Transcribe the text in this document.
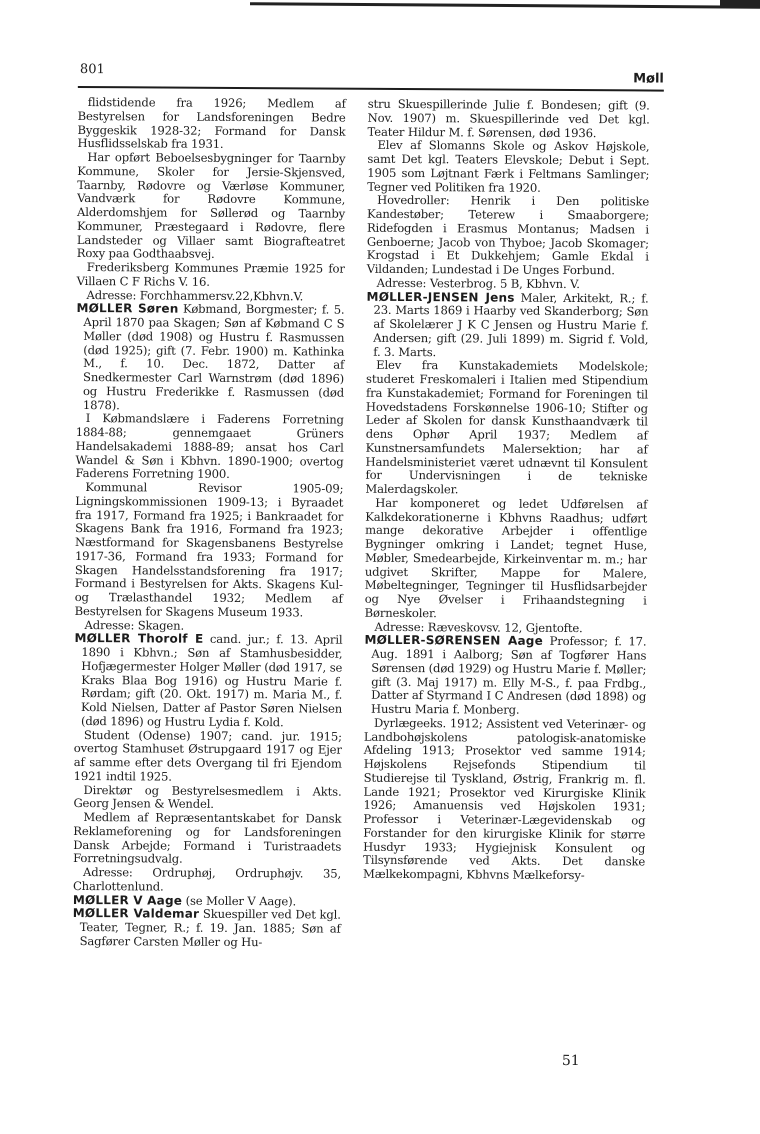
801
Møll

flidstidende fra 1926; Medlem af Bestyrelsen for Landsforeningen Bedre Byggeskik 1928-32; Formand for Dansk Husflidsselskab fra 1931.

Har opført Beboelsesbygninger for Taarnby Kommune, Skoler for Jersie-Skjensved, Taarnby, Rødovre og Værløse Kommuner, Vandværk for Rødovre Kommune, Alderdomshjem for Søllerød og Taarnby Kommuner, Præstegaard i Rødovre, flere Landsteder og Villaer samt Biografteatret Roxy paa Godthaabsvej.

Frederiksberg Kommunes Præmie 1925 for Villaen C F Richs V. 16.

Adresse: Forchhammersv.22,Kbhvn.V.

MØLLER Søren Købmand, Borgmester; f. 5. April 1870 paa Skagen; Søn af Købmand C S Møller (død 1908) og Hustru f. Rasmussen (død 1925); gift (7. Febr. 1900) m. Kathinka M., f. 10. Dec. 1872, Datter af Snedkermester Carl Warnstrøm (død 1896) og Hustru Frederikke f. Rasmussen (død 1878).

I Købmandslære i Faderens Forretning 1884-88; gennemgaaet Grüners Handelsakademi 1888-89; ansat hos Carl Wandel & Søn i Kbhvn. 1890-1900; overtog Faderens Forretning 1900.

Kommunal Revisor 1905-09; Ligningskommissionen 1909-13; i Byraadet fra 1917, Formand fra 1925; i Bankraadet for Skagens Bank fra 1916, Formand fra 1923; Næstformand for Skagensbanens Bestyrelse 1917-36, Formand fra 1933; Formand for Skagen Handelsstandsforening fra 1917; Formand i Bestyrelsen for Akts. Skagens Kul- og Trælasthandel 1932; Medlem af Bestyrelsen for Skagens Museum 1933.

Adresse: Skagen.

MØLLER Thorolf E cand. jur.; f. 13. April 1890 i Kbhvn.; Søn af Stamhusbesidder, Hofjægermester Holger Møller (død 1917, se Kraks Blaa Bog 1916) og Hustru Marie f. Rørdam; gift (20. Okt. 1917) m. Maria M., f. Kold Nielsen, Datter af Pastor Søren Nielsen (død 1896) og Hustru Lydia f. Kold.

Student (Odense) 1907; cand. jur. 1915; overtog Stamhuset Østrupgaard 1917 og Ejer af samme efter dets Overgang til fri Ejendom 1921 indtil 1925.

Direktør og Bestyrelsesmedlem i Akts. Georg Jensen & Wendel.

Medlem af Repræsentantskabet for Dansk Reklameforening og for Landsforeningen Dansk Arbejde; Formand i Turistraadets Forretningsudvalg.

Adresse: Ordruphøj, Ordruphøjv. 35, Charlottenlund.

MØLLER V Aage (se Moller V Aage).

MØLLER Valdemar Skuespiller ved Det kgl. Teater, Tegner, R.; f. 19. Jan. 1885; Søn af Sagfører Carsten Møller og Hu-

stru Skuespillerinde Julie f. Bondesen; gift (9. Nov. 1907) m. Skuespillerinde ved Det kgl. Teater Hildur M. f. Sørensen, død 1936.

Elev af Slomanns Skole og Askov Højskole, samt Det kgl. Teaters Elevskole; Debut i Sept. 1905 som Løjtnant Færk i Feltmans Samlinger; Tegner ved Politiken fra 1920.

Hovedroller: Henrik i Den politiske Kandestøber; Teterew i Smaaborgere; Ridefogden i Erasmus Montanus; Madsen i Genboerne; Jacob von Thyboe; Jacob Skomager; Krogstad i Et Dukkehjem; Gamle Ekdal i Vildanden; Lundestad i De Unges Forbund.

Adresse: Vesterbrog. 5 B, Kbhvn. V.

MØLLER-JENSEN Jens Maler, Arkitekt, R.; f. 23. Marts 1869 i Haarby ved Skanderborg; Søn af Skolelærer J K C Jensen og Hustru Marie f. Andersen; gift (29. Juli 1899) m. Sigrid f. Vold, f. 3. Marts.

Elev fra Kunstakademiets Modelskole; studeret Freskomaleri i Italien med Stipendium fra Kunstakademiet; Formand for Foreningen til Hovedstadens Forskønnelse 1906-10; Stifter og Leder af Skolen for dansk Kunsthaandværk til dens Ophør April 1937; Medlem af Kunstnersamfundets Malersektion; har af Handelsministeriet været udnævnt til Konsulent for Undervisningen i de tekniske Malerdagskoler.

Har komponeret og ledet Udførelsen af Kalkdekorationerne i Kbhvns Raadhus; udført mange dekorative Arbejder i offentlige Bygninger omkring i Landet; tegnet Huse, Møbler, Smedearbejde, Kirkeinventar m. m.; har udgivet Skrifter, Mappe for Malere, Møbeltegninger, Tegninger til Husflidsarbejder og Nye Øvelser i Frihaandstegning i Børneskoler.

Adresse: Ræveskovsv. 12, Gjentofte.

MØLLER-SØRENSEN Aage Professor; f. 17. Aug. 1891 i Aalborg; Søn af Togfører Hans Sørensen (død 1929) og Hustru Marie f. Møller; gift (3. Maj 1917) m. Elly M-S., f. paa Frdbg., Datter af Styrmand I C Andresen (død 1898) og Hustru Maria f. Monberg.

Dyrlægeeks. 1912; Assistent ved Veterinær- og Landbohøjskolens patologisk-anatomiske Afdeling 1913; Prosektor ved samme 1914; Højskolens Rejsefonds Stipendium til Studierejse til Tyskland, Østrig, Frankrig m. fl. Lande 1921; Prosektor ved Kirurgiske Klinik 1926; Amanuensis ved Højskolen 1931; Professor i Veterinær-Lægevidenskab og Forstander for den kirurgiske Klinik for større Husdyr 1933; Hygiejnisk Konsulent og Tilsynsførende ved Akts. Det danske Mælkekompagni, Kbhvns Mælkeforsy-

51
